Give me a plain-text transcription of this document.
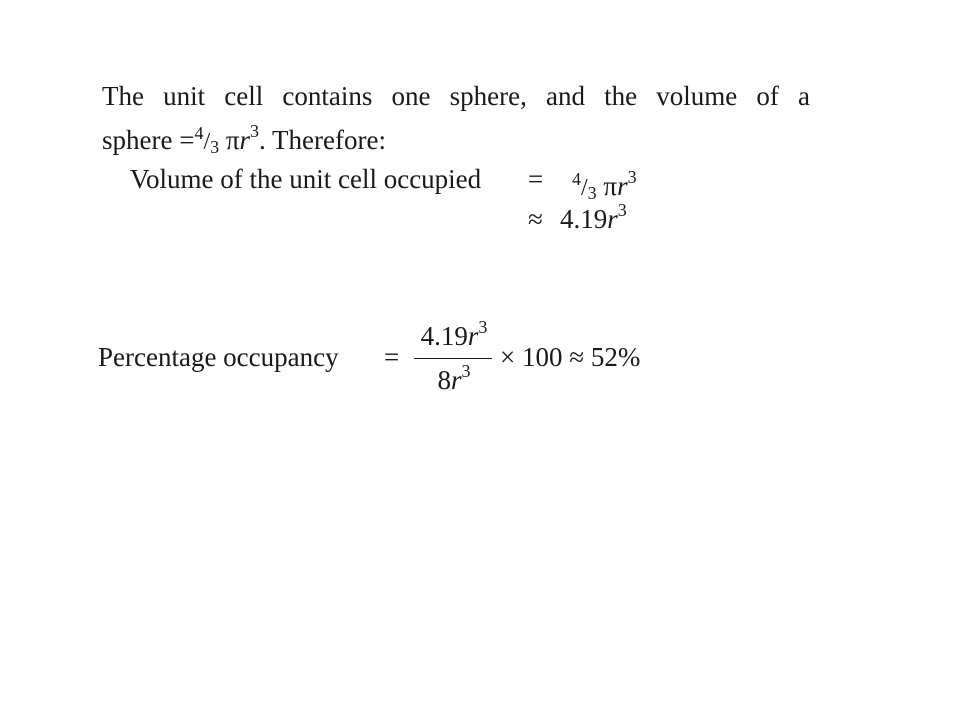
The unit cell contains one sphere, and the volume of a
sphere $=^4/_3$ $\pi r^3$. Therefore:
Volume of the unit cell occupied = $^4/_3$ $\pi r^3$
≈ $4.19r^3$
Percentage occupancy =
$4.19r^3$
$8r^3$	× 100 ≈ 52%
